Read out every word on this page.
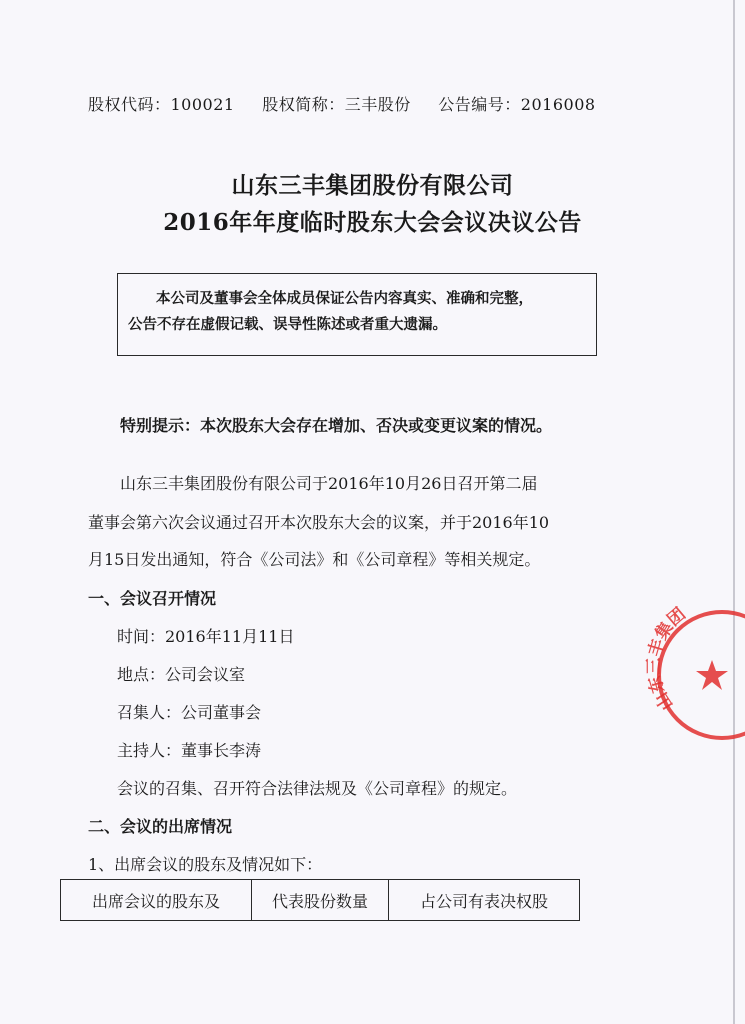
股权代码：100021 股权简称：三丰股份 公告编号：2016008
山东三丰集团股份有限公司
2016年年度临时股东大会会议决议公告
本公司及董事会全体成员保证公告内容真实、准确和完整，
公告不存在虚假记载、误导性陈述或者重大遗漏。
特别提示：本次股东大会存在增加、否决或变更议案的情况。
山东三丰集团股份有限公司于2016年10月26日召开第二届
董事会第六次会议通过召开本次股东大会的议案，并于2016年10
月15日发出通知，符合《公司法》和《公司章程》等相关规定。
一、会议召开情况
时间：2016年11月11日
地点：公司会议室
召集人：公司董事会
主持人：董事长李涛
会议的召集、召开符合法律法规及《公司章程》的规定。
二、会议的出席情况
1、出席会议的股东及情况如下：
出席会议的股东及	代表股份数量	占公司有表决权股
山东三丰集团
